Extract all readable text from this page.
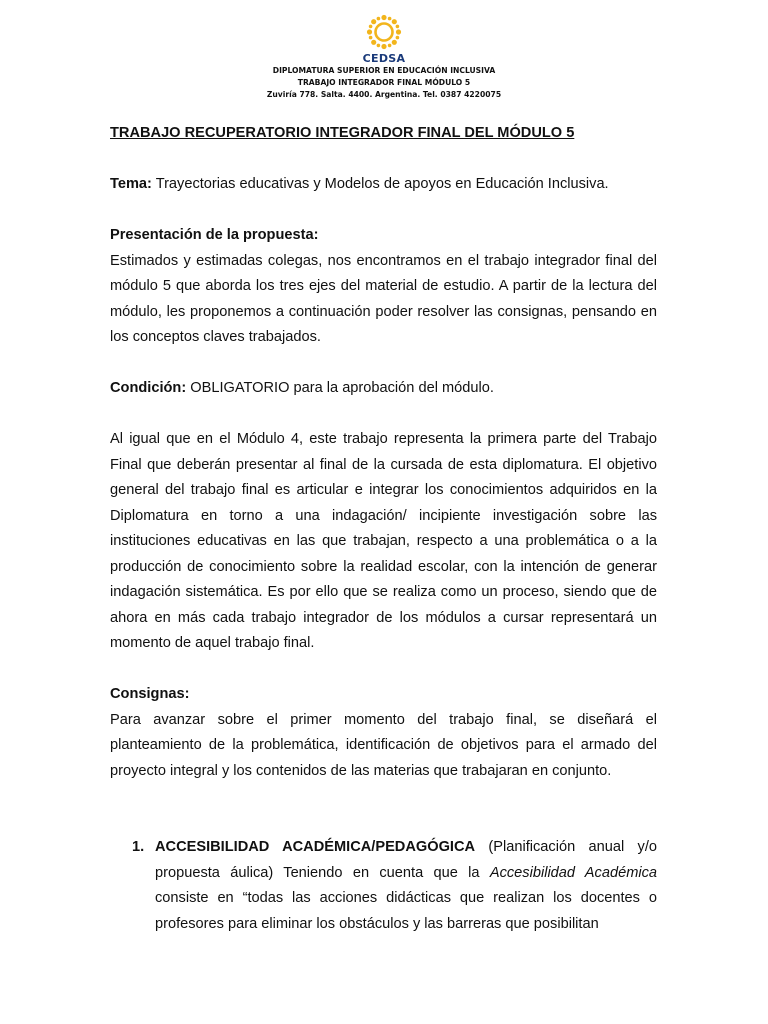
CEDSA
DIPLOMATURA SUPERIOR EN EDUCACIÓN INCLUSIVA
TRABAJO INTEGRADOR FINAL MÓDULO 5
Zuviría 778. Salta. 4400. Argentina. Tel. 0387 4220075

TRABAJO RECUPERATORIO INTEGRADOR FINAL DEL MÓDULO 5

Tema: Trayectorias educativas y Modelos de apoyos en Educación Inclusiva.

Presentación de la propuesta:

Estimados y estimadas colegas, nos encontramos en el trabajo integrador final del módulo 5 que aborda los tres ejes del material de estudio. A partir de la lectura del módulo, les proponemos a continuación poder resolver las consignas, pensando en los conceptos claves trabajados.

Condición: OBLIGATORIO para la aprobación del módulo.

Al igual que en el Módulo 4, este trabajo representa la primera parte del Trabajo Final que deberán presentar al final de la cursada de esta diplomatura. El objetivo general del trabajo final es articular e integrar los conocimientos adquiridos en la Diplomatura en torno a una indagación/ incipiente investigación sobre las instituciones educativas en las que trabajan, respecto a una problemática o a la producción de conocimiento sobre la realidad escolar, con la intención de generar indagación sistemática. Es por ello que se realiza como un proceso, siendo que de ahora en más cada trabajo integrador de los módulos a cursar representará un momento de aquel trabajo final.

Consignas:

Para avanzar sobre el primer momento del trabajo final, se diseñará el planteamiento de la problemática, identificación de objetivos para el armado del proyecto integral y los contenidos de las materias que trabajaran en conjunto.

1. ACCESIBILIDAD ACADÉMICA/PEDAGÓGICA (Planificación anual y/o propuesta áulica) Teniendo en cuenta que la Accesibilidad Académica consiste en “todas las acciones didácticas que realizan los docentes o profesores para eliminar los obstáculos y las barreras que posibilitan
